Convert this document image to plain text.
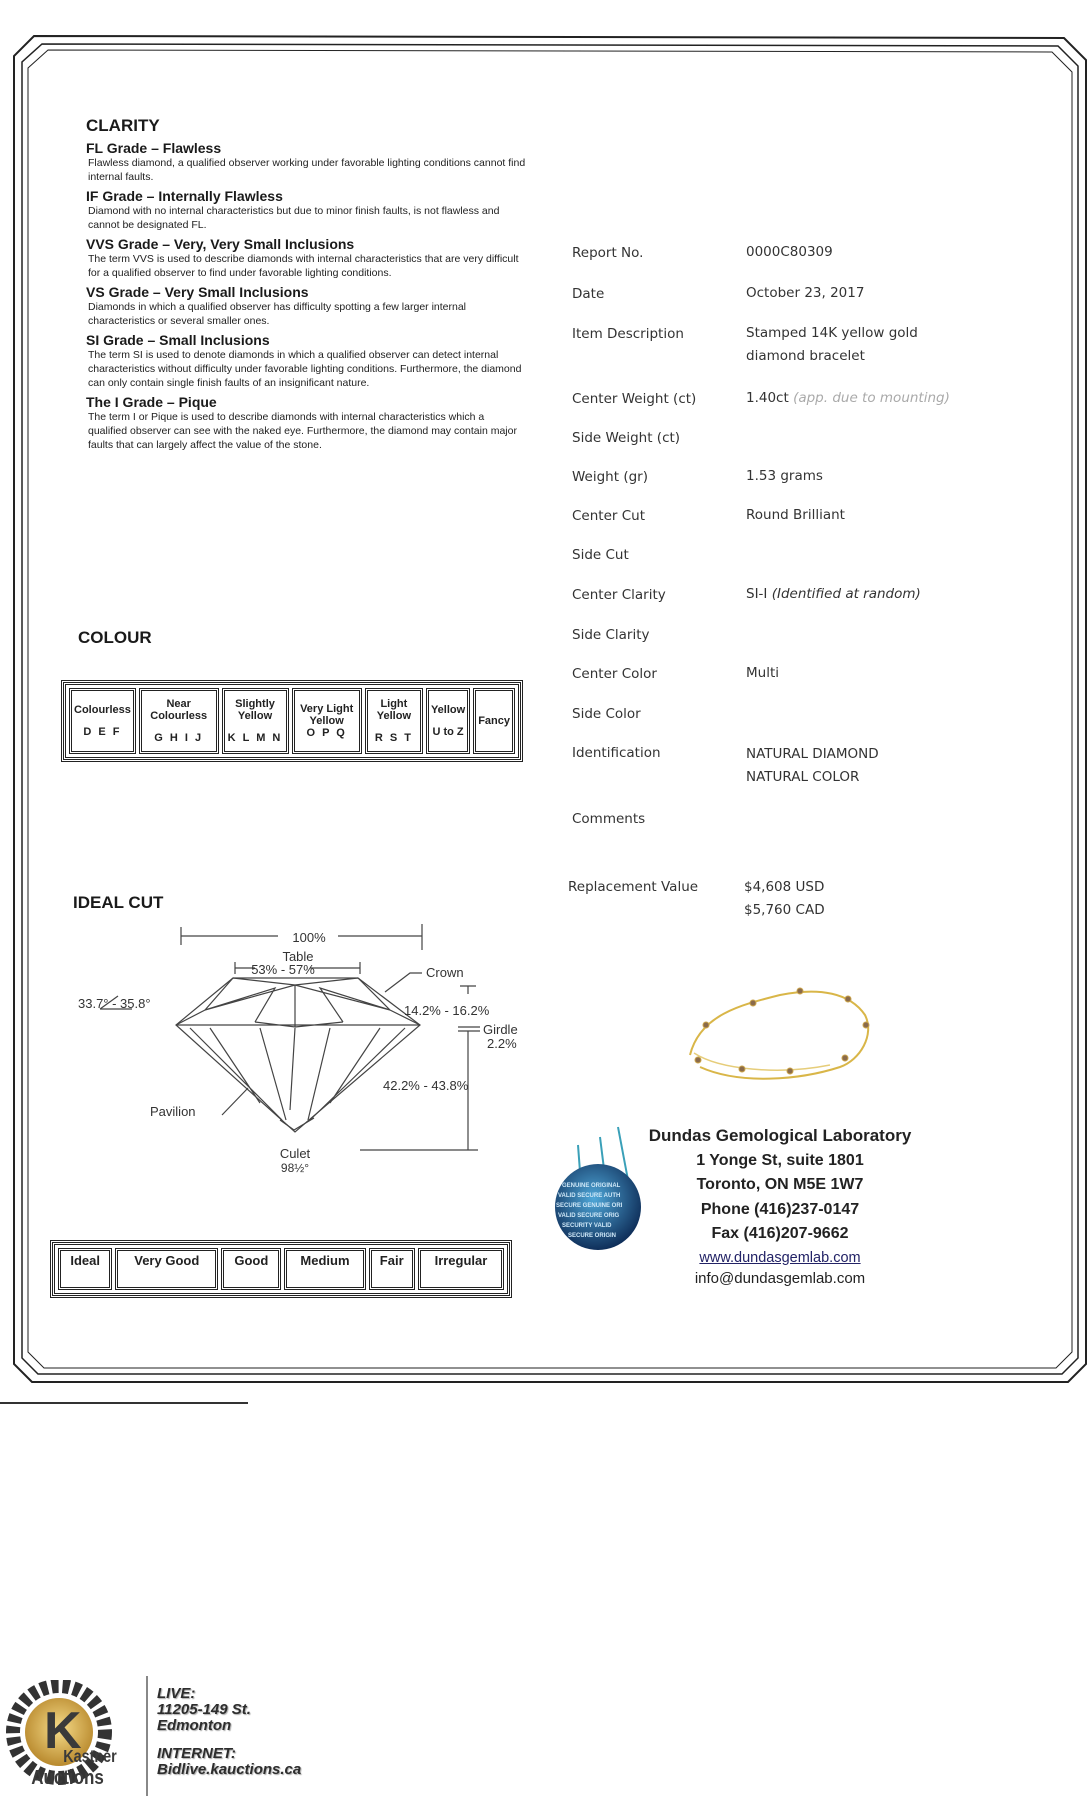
CLARITY
FL Grade – Flawless
Flawless diamond, a qualified observer working under favorable lighting conditions cannot find internal faults.
IF Grade – Internally Flawless
Diamond with no internal characteristics but due to minor finish faults, is not flawless and cannot be designated FL.
VVS Grade – Very, Very Small Inclusions
The term VVS is used to describe diamonds with internal characteristics that are very difficult for a qualified observer to find under favorable lighting conditions.
VS Grade – Very Small Inclusions
Diamonds in which a qualified observer has difficulty spotting a few larger internal characteristics or several smaller ones.
SI Grade – Small Inclusions
The term SI is used to denote diamonds in which a qualified observer can detect internal characteristics without difficulty under favorable lighting conditions. Furthermore, the diamond can only contain single finish faults of an insignificant nature.
The I Grade – Pique
The term I or Pique is used to describe diamonds with internal characteristics which a qualified observer can see with the naked eye. Furthermore, the diamond may contain major faults that can largely affect the value of the stone.
COLOUR
Colourless
D E F

Near Colourless
G H I J

Slightly Yellow
K L M N

Very Light Yellow
O P Q

Light Yellow
R S T

Yellow
U to Z

Fancy
IDEAL CUT
100%
Table
53% - 57%	Crown
33.7° - 35.8°	14.2% - 16.2%
Girdle
2.2%
42.2% - 43.8%
Pavilion
Culet
98½°
Ideal	Very Good	Good	Medium	Fair	Irregular
Report No.	0000C80309
Date	October 23, 2017
Item Description	Stamped 14K yellow gold
diamond bracelet
Center Weight (ct)	1.40ct (app. due to mounting)
Side Weight (ct)
Weight (gr)	1.53 grams
Center Cut	Round Brilliant
Side Cut
Center Clarity	SI-I (Identified at random)
Side Clarity
Center Color	Multi
Side Color
Identification	NATURAL DIAMOND
NATURAL COLOR
Comments
Replacement Value	$4,608 USD
$5,760 CAD
GENUINE ORIGINAL
VALID SECURE AUTH
SECURE GENUINE ORI
VALID SECURE ORIG
SECURITY VALID
SECURE ORIGIN
Dundas Gemological Laboratory
1 Yonge St, suite 1801
Toronto, ON M5E 1W7
Phone (416)237-0147
Fax (416)207-9662
www.dundasgemlab.com
info@dundasgemlab.com
K
Kastner
Auctions
LIVE:
11205-149 St.
Edmonton
INTERNET:
Bidlive.kauctions.ca
